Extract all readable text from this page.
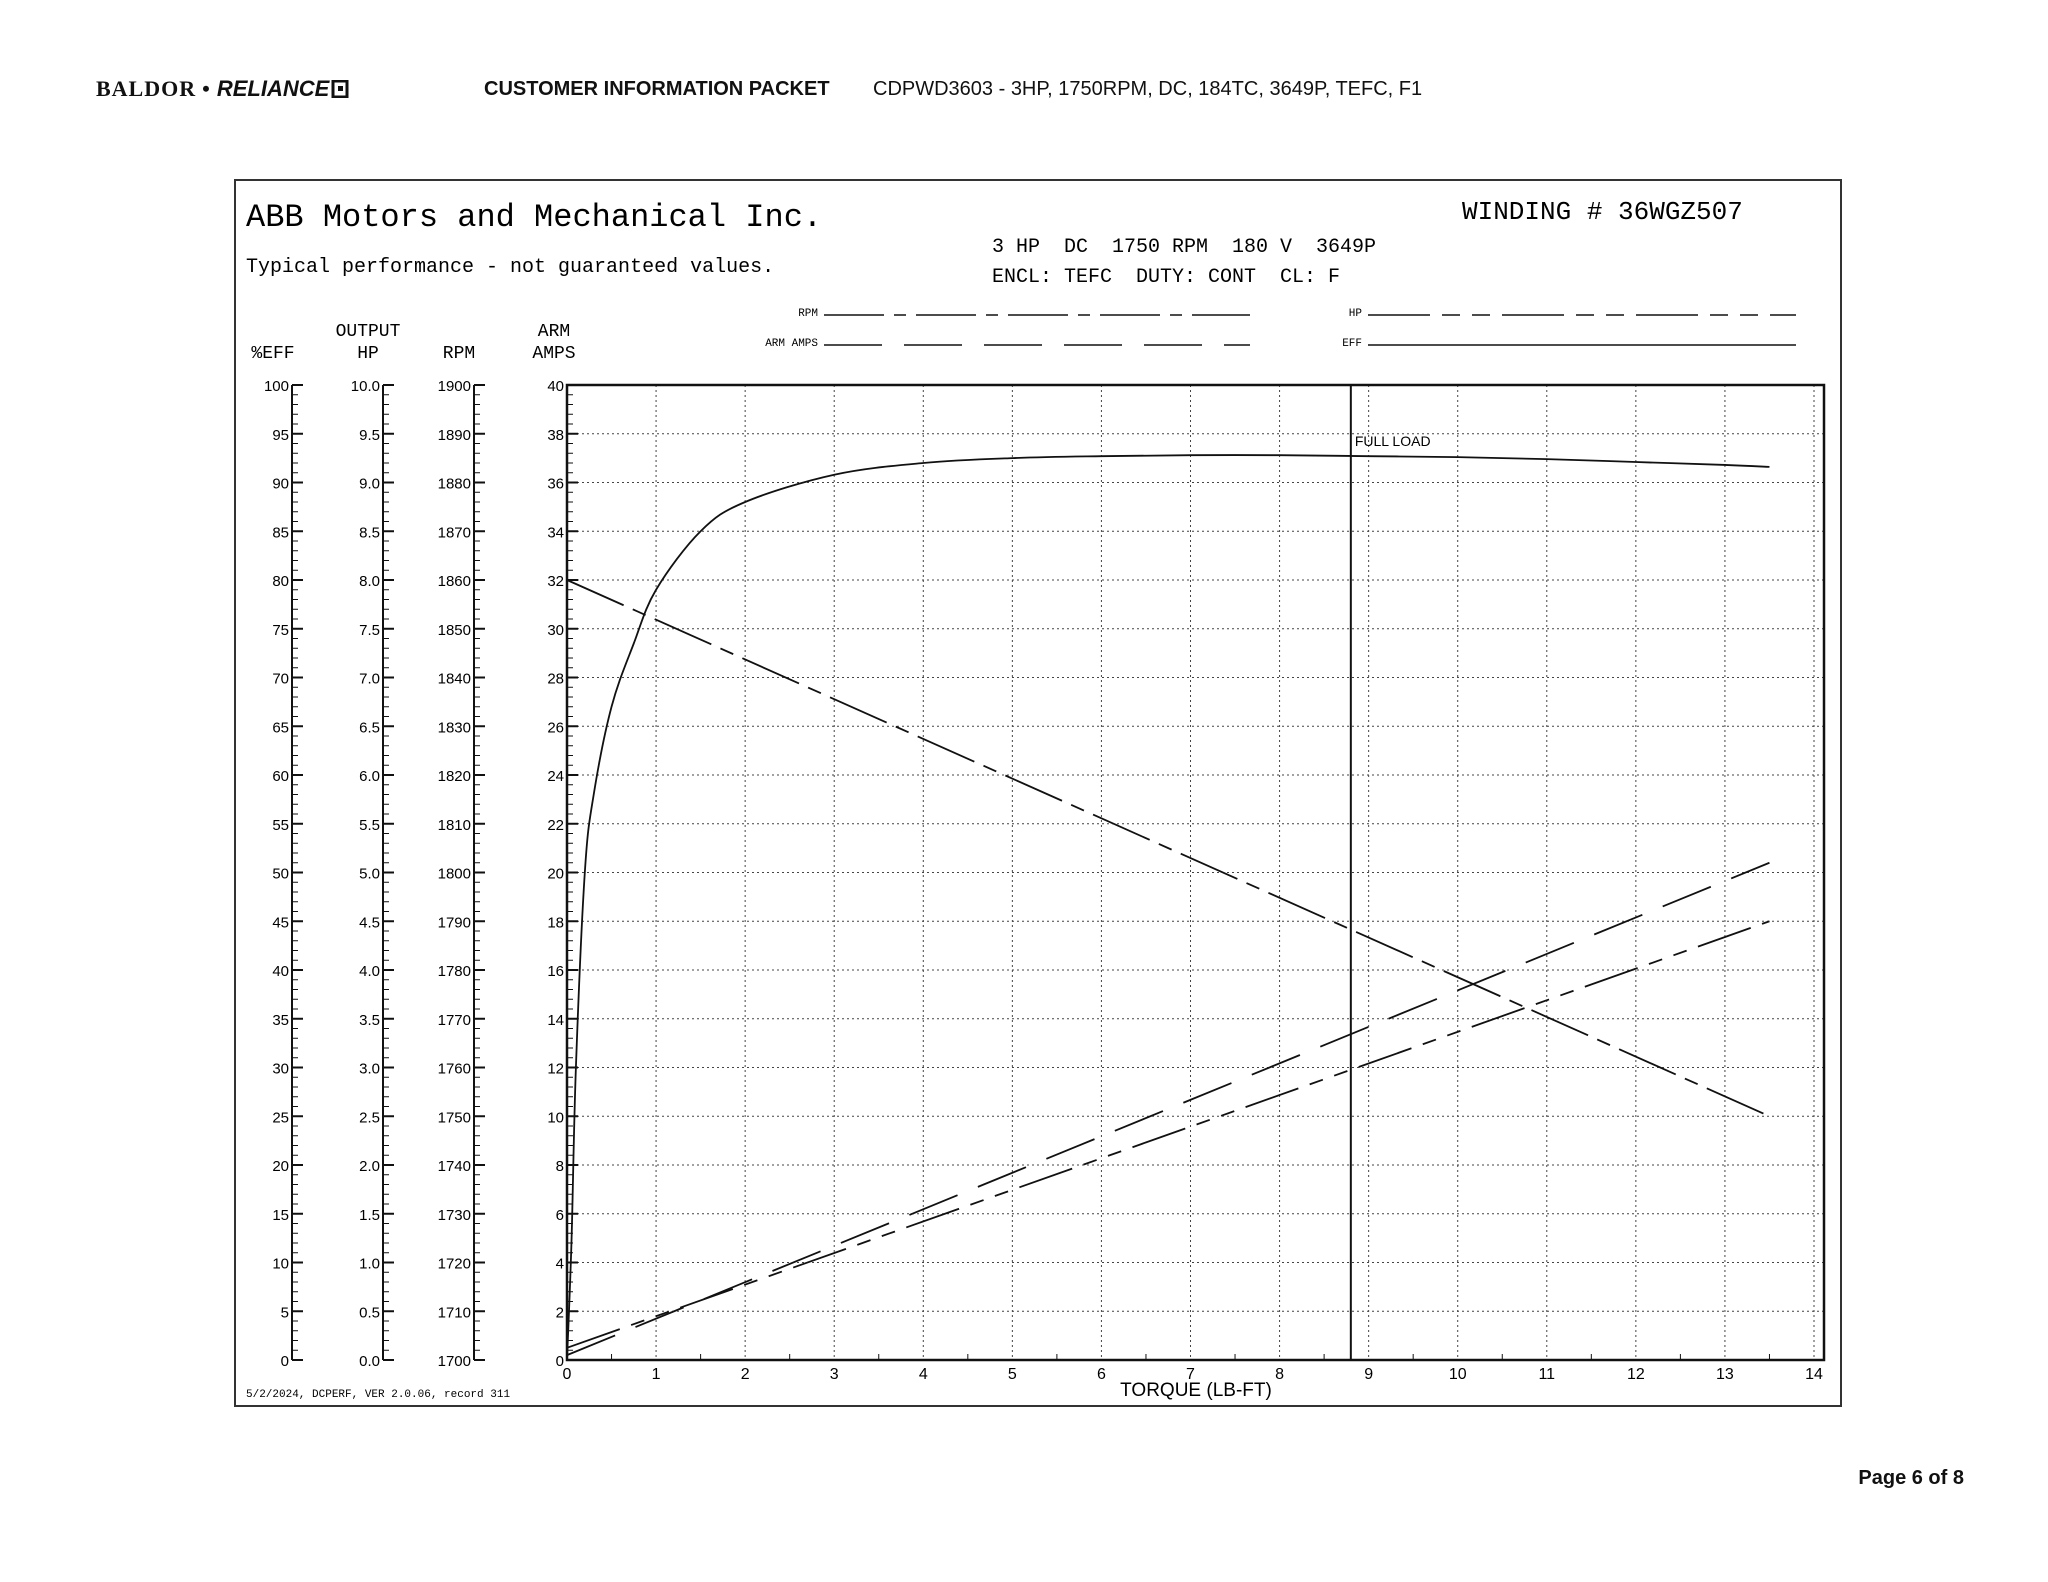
BALDOR • RELIANCE	CUSTOMER INFORMATION PACKET CDPWD3603 - 3HP, 1750RPM, DC, 184TC, 3649P, TEFC, F1
ABB Motors and Mechanical Inc.
Typical performance - not guaranteed values.
WINDING # 36WGZ507
3 HP  DC  1750 RPM  180 V  3649P
ENCL: TEFC  DUTY: CONT  CL: F
RPM
ARM AMPS
HP
EFF
%EFF
OUTPUT
HP	RPM
ARM
AMPS
0	1	2	3	4	5	6	7	8	9	10	11	12	13	14
100
95
90
85
80
75
70
65
60
55
50
45
40
35
30
25
20
15
10
5
0
10.0
9.5
9.0
8.5
8.0
7.5
7.0
6.5
6.0
5.5
5.0
4.5
4.0
3.5
3.0
2.5
2.0
1.5
1.0
0.5
0.0
1900
1890
1880
1870
1860
1850
1840
1830
1820
1810
1800
1790
1780
1770
1760
1750
1740
1730
1720
1710
1700
40
38
36
34
32
30
28
26
24
22
20
18
16
14
12
10
8
6
4
2
0
FULL LOAD
TORQUE (LB-FT)
5/2/2024, DCPERF, VER 2.0.06, record 311
Page 6 of 8
